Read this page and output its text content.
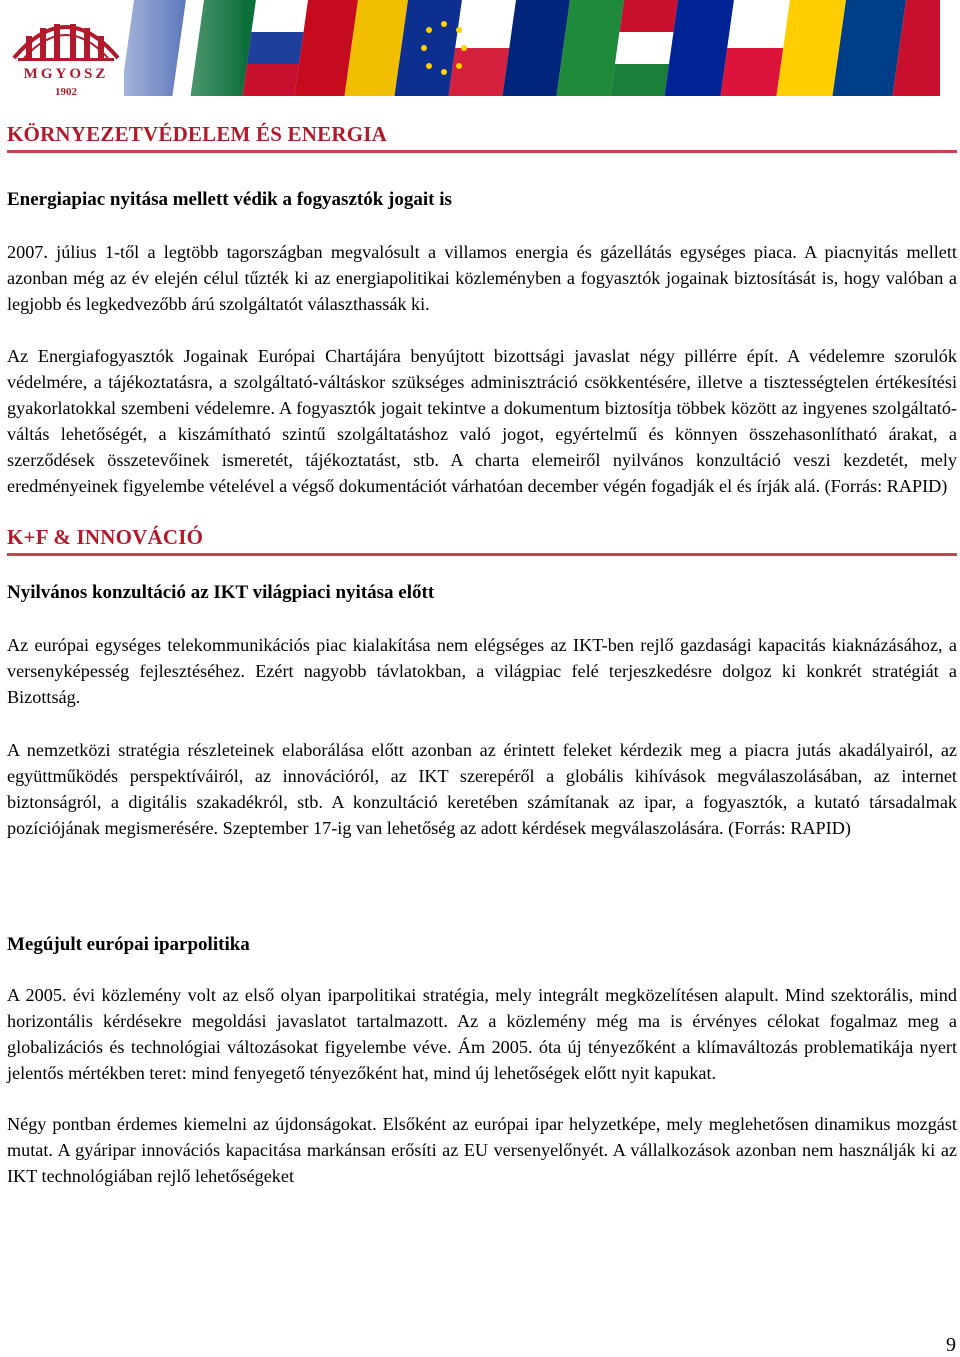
MGYOSZ
1902
KÖRNYEZETVÉDELEM ÉS ENERGIA
Energiapiac nyitása mellett védik a fogyasztók jogait is

2007. július 1-től a legtöbb tagországban megvalósult a villamos energia és gázellátás egységes piaca. A piacnyitás mellett azonban még az év elején célul tűzték ki az energiapolitikai közleményben a fogyasztók jogainak biztosítását is, hogy valóban a legjobb és legkedvezőbb árú szolgáltatót választhassák ki.

Az Energiafogyasztók Jogainak Európai Chartájára benyújtott bizottsági javaslat négy pillérre épít. A védelemre szorulók védelmére, a tájékoztatásra, a szolgáltató-váltáskor szükséges adminisztráció csökkentésére, illetve a tisztességtelen értékesítési gyakorlatokkal szembeni védelemre. A fogyasztók jogait tekintve a dokumentum biztosítja többek között az ingyenes szolgáltató-váltás lehetőségét, a kiszámítható szintű szolgáltatáshoz való jogot, egyértelmű és könnyen összehasonlítható árakat, a szerződések összetevőinek ismeretét, tájékoztatást, stb. A charta elemeiről nyilvános konzultáció veszi kezdetét, mely eredményeinek figyelembe vételével a végső dokumentációt várhatóan december végén fogadják el és írják alá. (Forrás: RAPID)

K+F & INNOVÁCIÓ
Nyilvános konzultáció az IKT világpiaci nyitása előtt

Az európai egységes telekommunikációs piac kialakítása nem elégséges az IKT-ben rejlő gazdasági kapacitás kiaknázásához, a versenyképesség fejlesztéséhez. Ezért nagyobb távlatokban, a világpiac felé terjeszkedésre dolgoz ki konkrét stratégiát a Bizottság.

A nemzetközi stratégia részleteinek elaborálása előtt azonban az érintett feleket kérdezik meg a piacra jutás akadályairól, az együttműködés perspektíváiról, az innovációról, az IKT szerepéről a globális kihívások megválaszolásában, az internet biztonságról, a digitális szakadékról, stb. A konzultáció keretében számítanak az ipar, a fogyasztók, a kutató társadalmak pozíciójának megismerésére. Szeptember 17-ig van lehetőség az adott kérdések megválaszolására. (Forrás: RAPID)

Megújult európai iparpolitika

A 2005. évi közlemény volt az első olyan iparpolitikai stratégia, mely integrált megközelítésen alapult. Mind szektorális, mind horizontális kérdésekre megoldási javaslatot tartalmazott. Az a közlemény még ma is érvényes célokat fogalmaz meg a globalizációs és technológiai változásokat figyelembe véve. Ám 2005. óta új tényezőként a klímaváltozás problematikája nyert jelentős mértékben teret: mind fenyegető tényezőként hat, mind új lehetőségek előtt nyit kapukat.

Négy pontban érdemes kiemelni az újdonságokat. Elsőként az európai ipar helyzetképe, mely meglehetősen dinamikus mozgást mutat. A gyáripar innovációs kapacitása markánsan erősíti az EU versenyelőnyét. A vállalkozások azonban nem használják ki az IKT technológiában rejlő lehetőségeket

9
